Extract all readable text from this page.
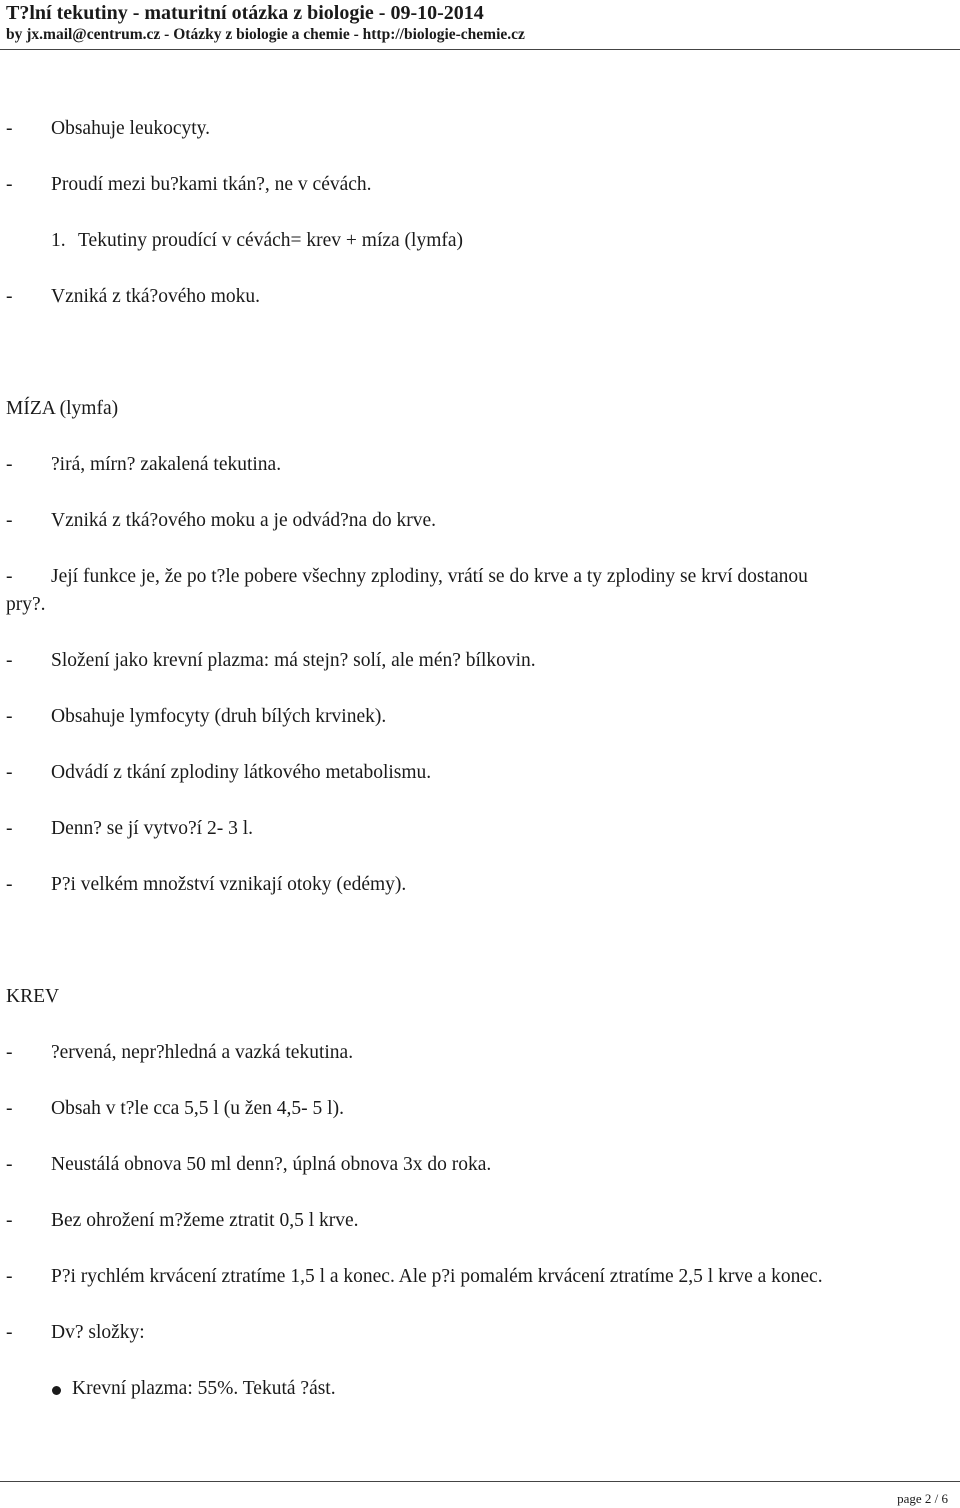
T?lní tekutiny - maturitní otázka z biologie - 09-10-2014
by jx.mail@centrum.cz - Otázky z biologie a chemie - http://biologie-chemie.cz
- Obsahuje leukocyty.
- Proudí mezi bu?kami tkán?, ne v cévách.
1. Tekutiny proudící v cévách= krev + míza (lymfa)
- Vzniká z tká?ového moku.
MÍZA (lymfa)
- ?irá, mírn? zakalená tekutina.
- Vzniká z tká?ového moku a je odvád?na do krve.
- Její funkce je, že po t?le pobere všechny zplodiny, vrátí se do krve a ty zplodiny se krví dostanou
pry?.
- Složení jako krevní plazma: má stejn? solí, ale mén? bílkovin.
- Obsahuje lymfocyty (druh bílých krvinek).
- Odvádí z tkání zplodiny látkového metabolismu.
- Denn? se jí vytvo?í 2- 3 l.
- P?i velkém množství vznikají otoky (edémy).
KREV
- ?ervená, nepr?hledná a vazká tekutina.
- Obsah v t?le cca 5,5 l (u žen 4,5- 5 l).
- Neustálá obnova 50 ml denn?, úplná obnova 3x do roka.
- Bez ohrožení m?žeme ztratit 0,5 l krve.
- P?i rychlém krvácení ztratíme 1,5 l a konec. Ale p?i pomalém krvácení ztratíme 2,5 l krve a konec.
- Dv? složky:
Krevní plazma: 55%. Tekutá ?ást.
page 2 / 6
